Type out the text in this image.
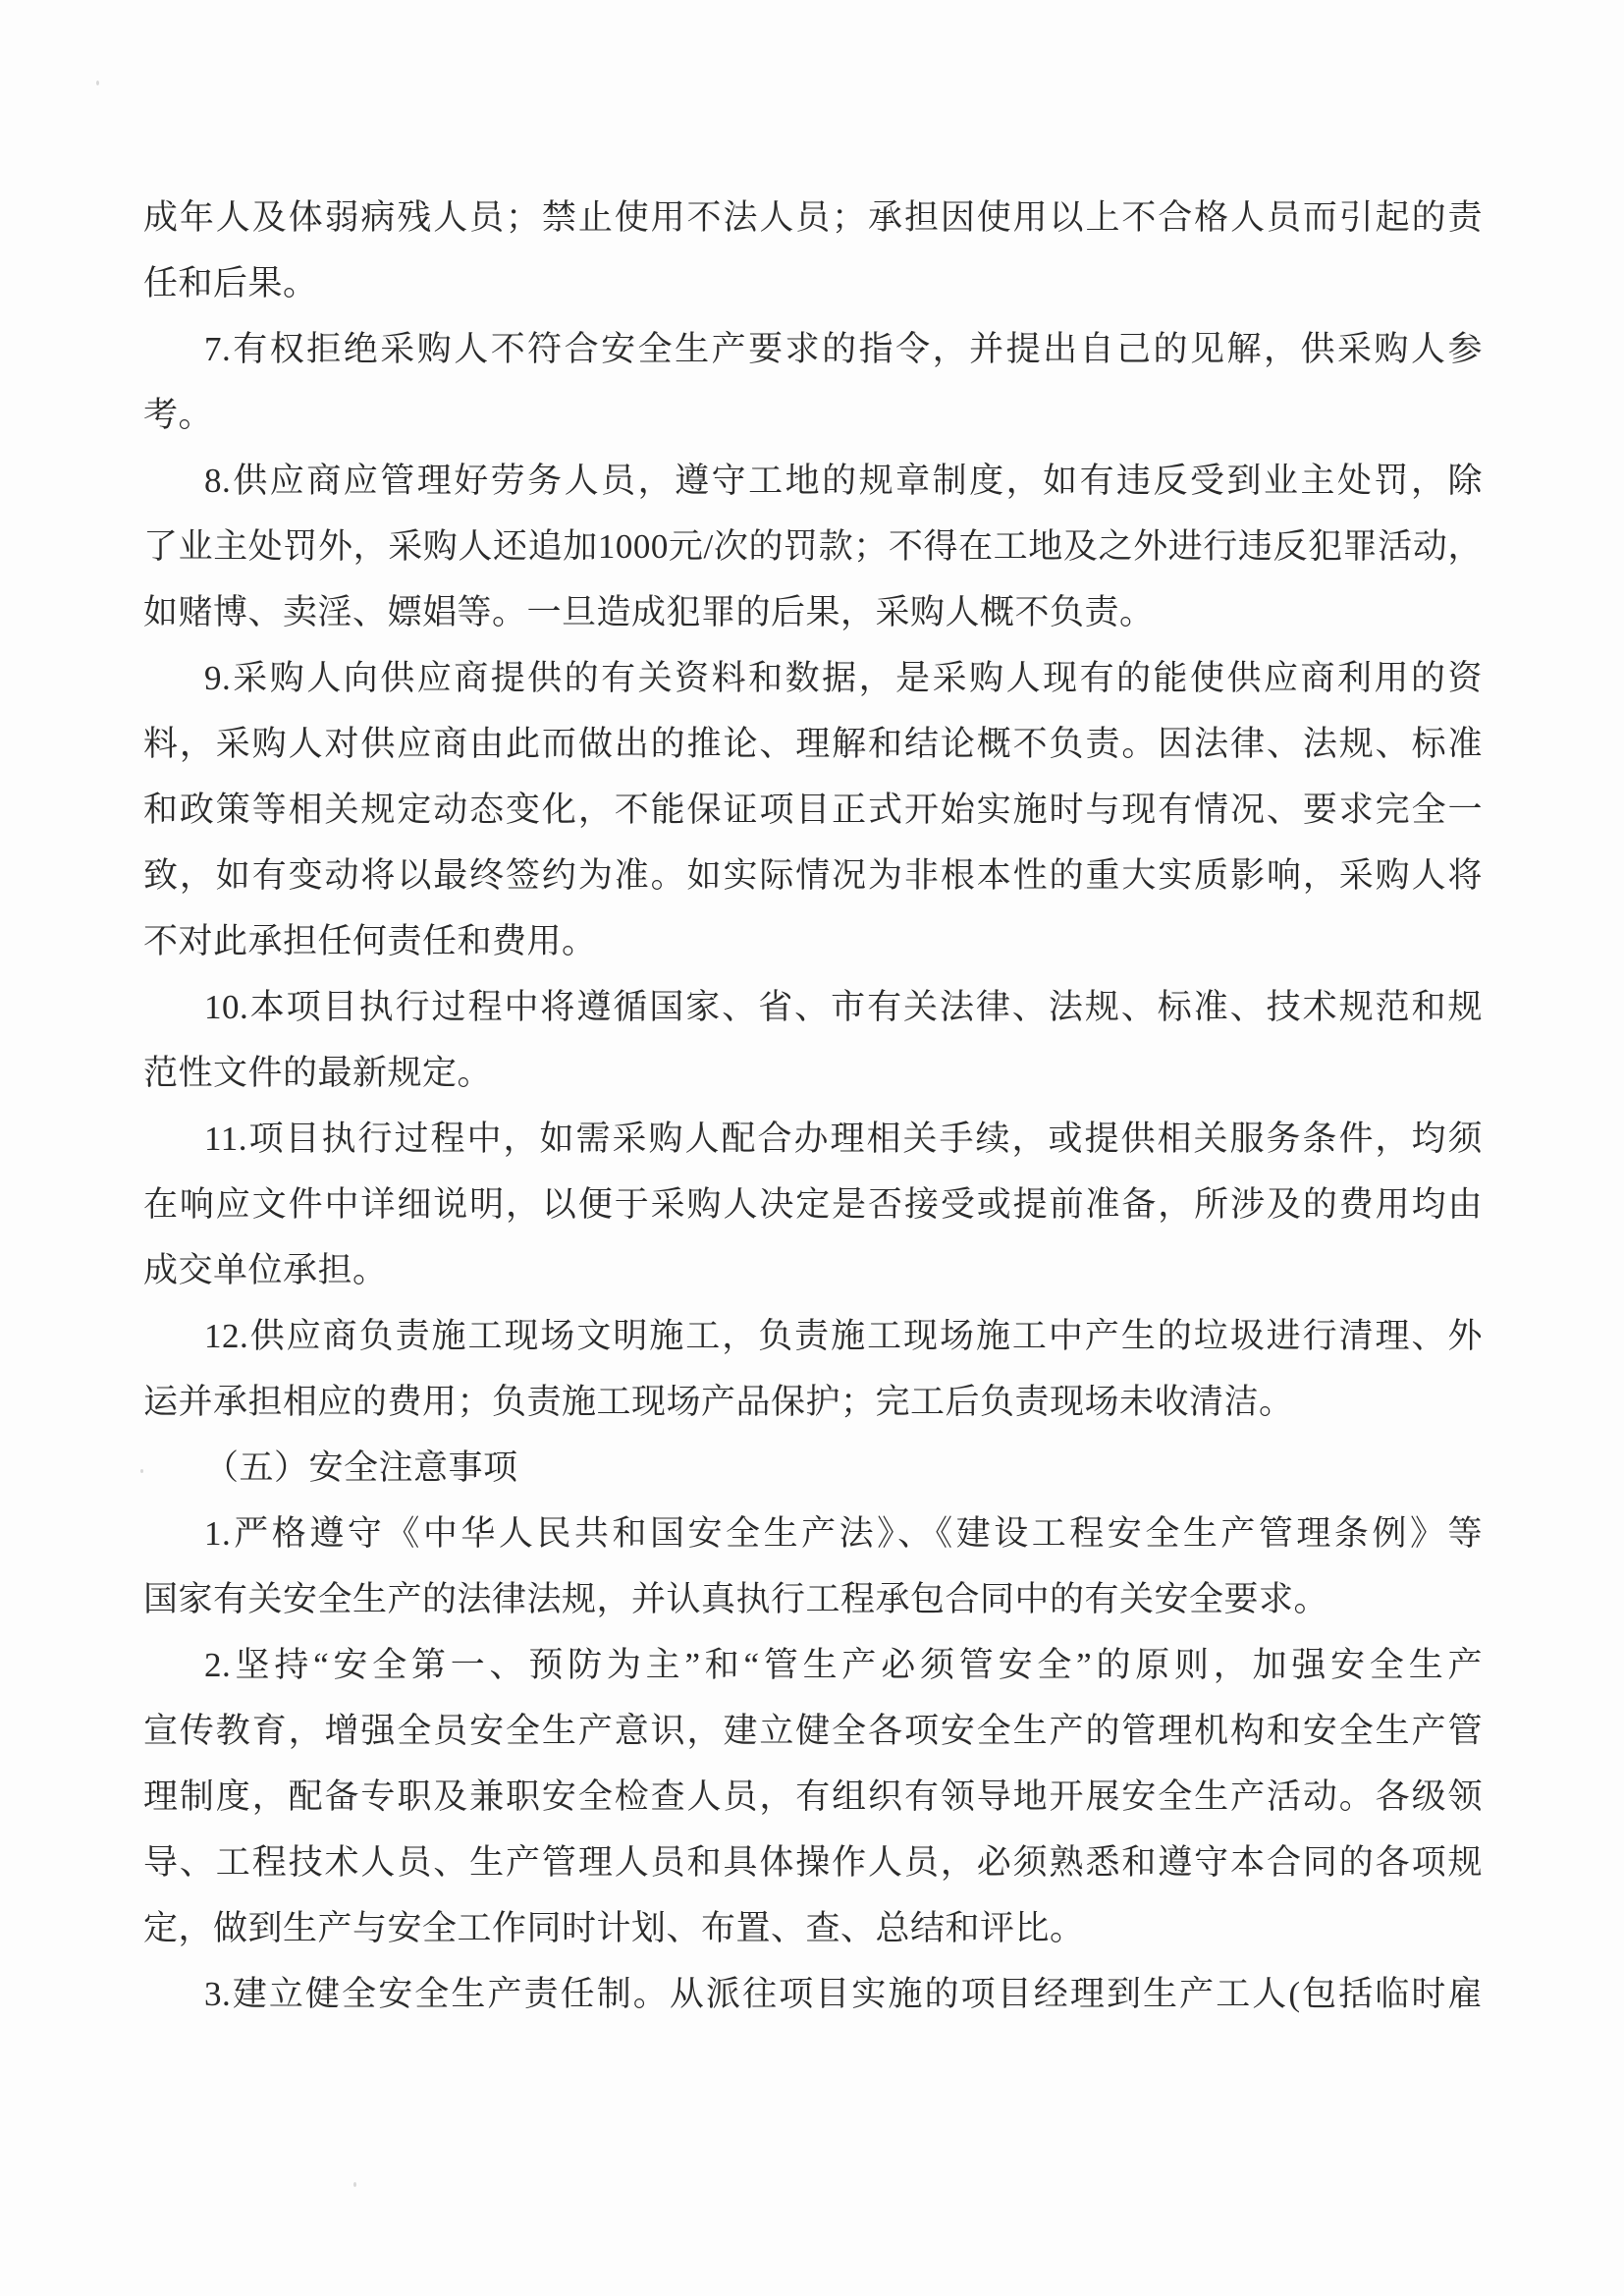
成年人及体弱病残人员；禁止使用不法人员；承担因使用以上不合格人员而引起的责
任和后果。
7.有权拒绝采购人不符合安全生产要求的指令，并提出自己的见解，供采购人参
考。
8.供应商应管理好劳务人员，遵守工地的规章制度，如有违反受到业主处罚，除
了业主处罚外，采购人还追加1000元/次的罚款；不得在工地及之外进行违反犯罪活动，
如赌博、卖淫、嫖娼等。一旦造成犯罪的后果，采购人概不负责。
9.采购人向供应商提供的有关资料和数据，是采购人现有的能使供应商利用的资
料，采购人对供应商由此而做出的推论、理解和结论概不负责。因法律、法规、标准
和政策等相关规定动态变化，不能保证项目正式开始实施时与现有情况、要求完全一
致，如有变动将以最终签约为准。如实际情况为非根本性的重大实质影响，采购人将
不对此承担任何责任和费用。
10.本项目执行过程中将遵循国家、省、市有关法律、法规、标准、技术规范和规
范性文件的最新规定。
11.项目执行过程中，如需采购人配合办理相关手续，或提供相关服务条件，均须
在响应文件中详细说明，以便于采购人决定是否接受或提前准备，所涉及的费用均由
成交单位承担。
12.供应商负责施工现场文明施工，负责施工现场施工中产生的垃圾进行清理、外
运并承担相应的费用；负责施工现场产品保护；完工后负责现场未收清洁。
（五）安全注意事项
1.严格遵守《中华人民共和国安全生产法》、《建设工程安全生产管理条例》等
国家有关安全生产的法律法规，并认真执行工程承包合同中的有关安全要求。
2.坚持“安全第一、预防为主”和“管生产必须管安全”的原则，加强安全生产
宣传教育，增强全员安全生产意识，建立健全各项安全生产的管理机构和安全生产管
理制度，配备专职及兼职安全检查人员，有组织有领导地开展安全生产活动。各级领
导、工程技术人员、生产管理人员和具体操作人员，必须熟悉和遵守本合同的各项规
定，做到生产与安全工作同时计划、布置、查、总结和评比。
3.建立健全安全生产责任制。从派往项目实施的项目经理到生产工人(包括临时雇
